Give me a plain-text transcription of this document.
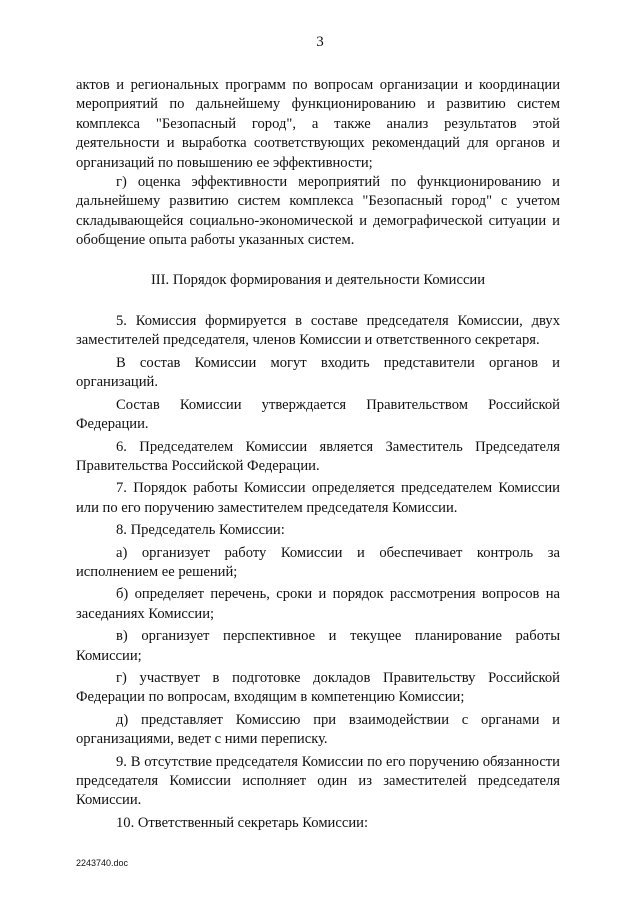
3

актов и региональных программ по вопросам организации и координации мероприятий по дальнейшему функционированию и развитию систем комплекса "Безопасный город", а также анализ результатов этой деятельности и выработка соответствующих рекомендаций для органов и организаций по повышению ее эффективности;

г) оценка эффективности мероприятий по функционированию и дальнейшему развитию систем комплекса "Безопасный город" с учетом складывающейся социально-экономической и демографической ситуации и обобщение опыта работы указанных систем.

III. Порядок формирования и деятельности Комиссии

5. Комиссия формируется в составе председателя Комиссии, двух заместителей председателя, членов Комиссии и ответственного секретаря.

В состав Комиссии могут входить представители органов и организаций.

Состав Комиссии утверждается Правительством Российской Федерации.

6. Председателем Комиссии является Заместитель Председателя Правительства Российской Федерации.

7. Порядок работы Комиссии определяется председателем Комиссии или по его поручению заместителем председателя Комиссии.

8. Председатель Комиссии:

а) организует работу Комиссии и обеспечивает контроль за исполнением ее решений;

б) определяет перечень, сроки и порядок рассмотрения вопросов на заседаниях Комиссии;

в) организует перспективное и текущее планирование работы Комиссии;

г) участвует в подготовке докладов Правительству Российской Федерации по вопросам, входящим в компетенцию Комиссии;

д) представляет Комиссию при взаимодействии с органами и организациями, ведет с ними переписку.

9. В отсутствие председателя Комиссии по его поручению обязанности председателя Комиссии исполняет один из заместителей председателя Комиссии.

10. Ответственный секретарь Комиссии:

2243740.doc
